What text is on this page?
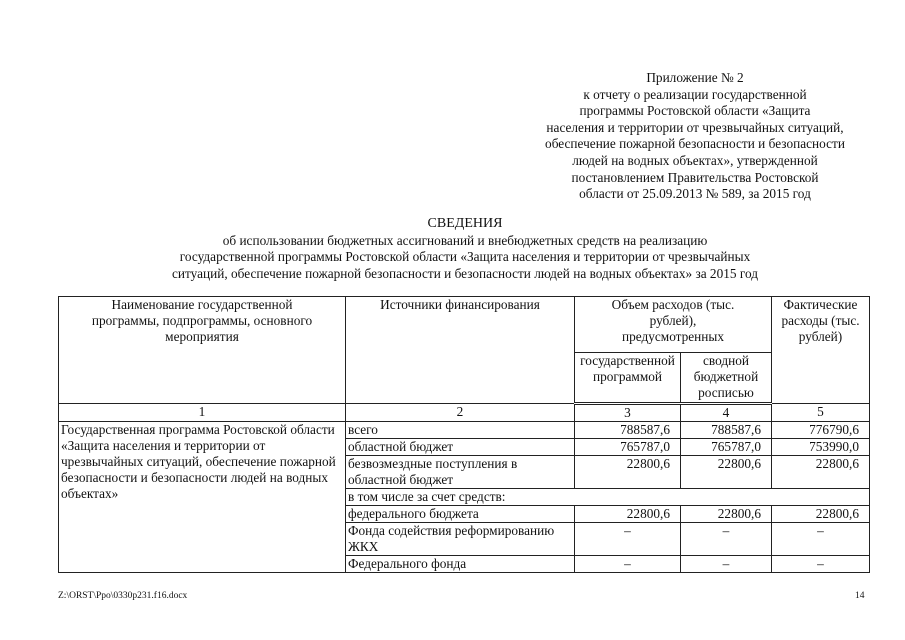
Приложение № 2
к отчету о реализации государственной
программы Ростовской области «Защита
населения и территории от чрезвычайных ситуаций,
обеспечение пожарной безопасности и безопасности
людей на водных объектах», утвержденной
постановлением Правительства Ростовской
области от 25.09.2013 № 589, за 2015 год
СВЕДЕНИЯ
об использовании бюджетных ассигнований и внебюджетных средств на реализацию
государственной программы Ростовской области «Защита населения и территории от чрезвычайных
ситуаций, обеспечение пожарной безопасности и безопасности людей на водных объектах» за 2015 год
Наименование государственной программы, подпрограммы, основного мероприятия	Источники финансирования	Объем расходов (тыс. рублей), предусмотренных		Фактические расходы (тыс. рублей)
		государственной программой	сводной бюджетной росписью	
1	2	3	4	5
Государственная программа Ростовской области «Защита населения и территории от чрезвычайных ситуаций, обеспечение пожарной безопасности и безопасности людей на водных объектах»	всего	788587,6	788587,6	776790,6
	областной бюджет	765787,0	765787,0	753990,0
	безвозмездные поступления в областной бюджет	22800,6	22800,6	22800,6
	в том числе за счет средств:			
	федерального бюджета	22800,6	22800,6	22800,6
	Фонда содействия реформированию ЖКХ	–	–	–
	Федерального фонда	–	–	–
Z:\ORST\Ppo\0330p231.f16.docx	14
